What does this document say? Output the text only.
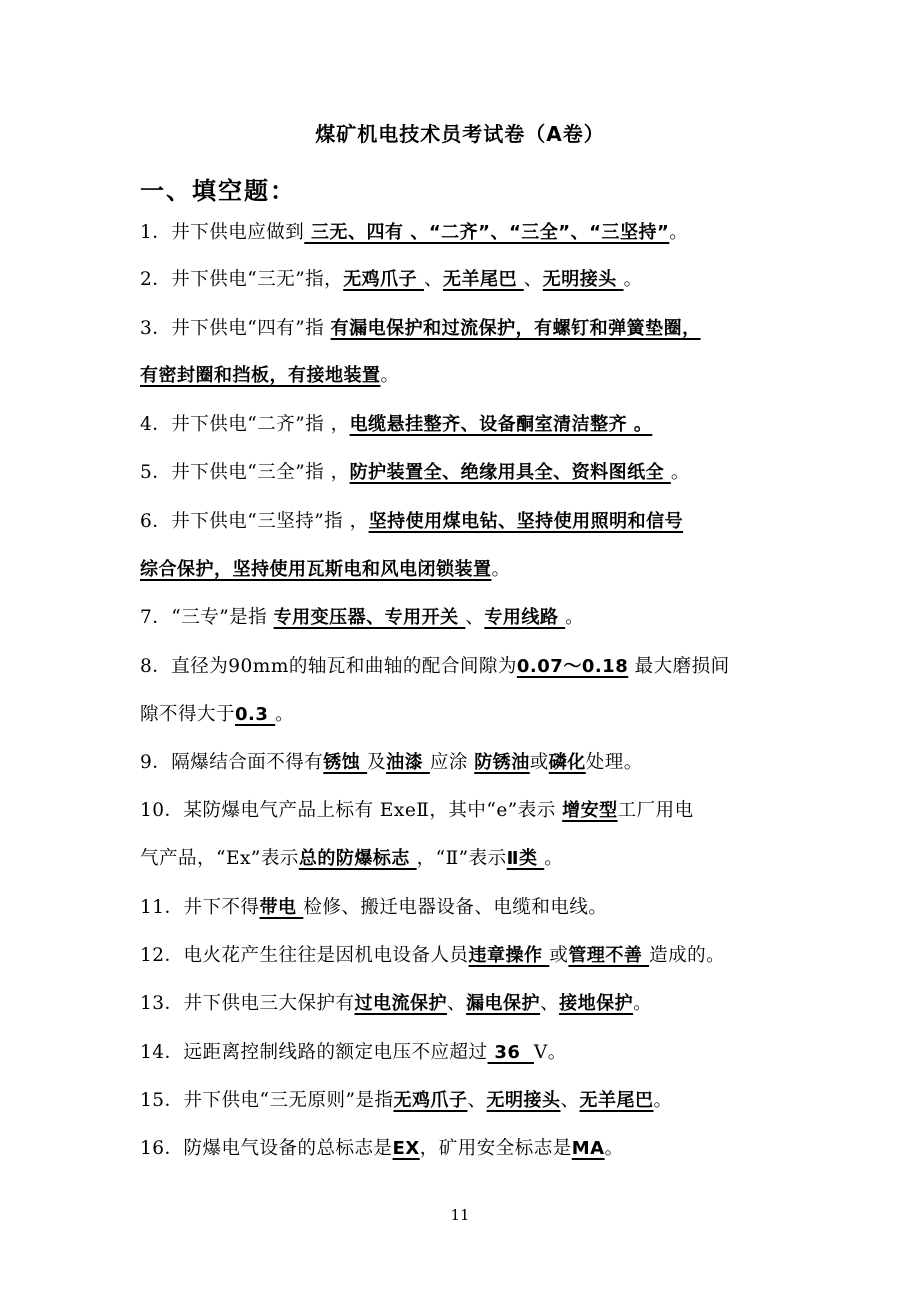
煤矿机电技术员考试卷（A卷）
一、填空题：
1．井下供电应做到 三无、四有 、“二齐”、“三全”、“三坚持”。
2．井下供电“三无”指，无鸡爪子 、无羊尾巴 、无明接头 。
3．井下供电“四有”指 有漏电保护和过流保护，有螺钉和弹簧垫圈，
有密封圈和挡板，有接地装置。
4．井下供电“二齐”指 ，电缆悬挂整齐、设备酮室清洁整齐 。
5．井下供电“三全”指 ，防护装置全、绝缘用具全、资料图纸全 。
6．井下供电“三坚持”指 ，坚持使用煤电钻、坚持使用照明和信号
综合保护，坚持使用瓦斯电和风电闭锁装置。
7．“三专”是指 专用变压器、专用开关 、专用线路 。
8．直径为90mm的轴瓦和曲轴的配合间隙为0.07～0.18 最大磨损间
隙不得大于0.3 。
9．隔爆结合面不得有锈蚀 及油漆 应涂 防锈油或磷化处理。
10．某防爆电气产品上标有 ExeⅡ，其中“e”表示 增安型工厂用电
气产品，“Ex”表示总的防爆标志 ，“Ⅱ”表示Ⅱ类 。
11．井下不得带电 检修、搬迁电器设备、电缆和电线。
12．电火花产生往往是因机电设备人员违章操作 或管理不善 造成的。
13．井下供电三大保护有过电流保护、漏电保护、接地保护。
14．远距离控制线路的额定电压不应超过 36  V。
15．井下供电“三无原则”是指无鸡爪子、无明接头、无羊尾巴。
16．防爆电气设备的总标志是EX，矿用安全标志是MA。
11
